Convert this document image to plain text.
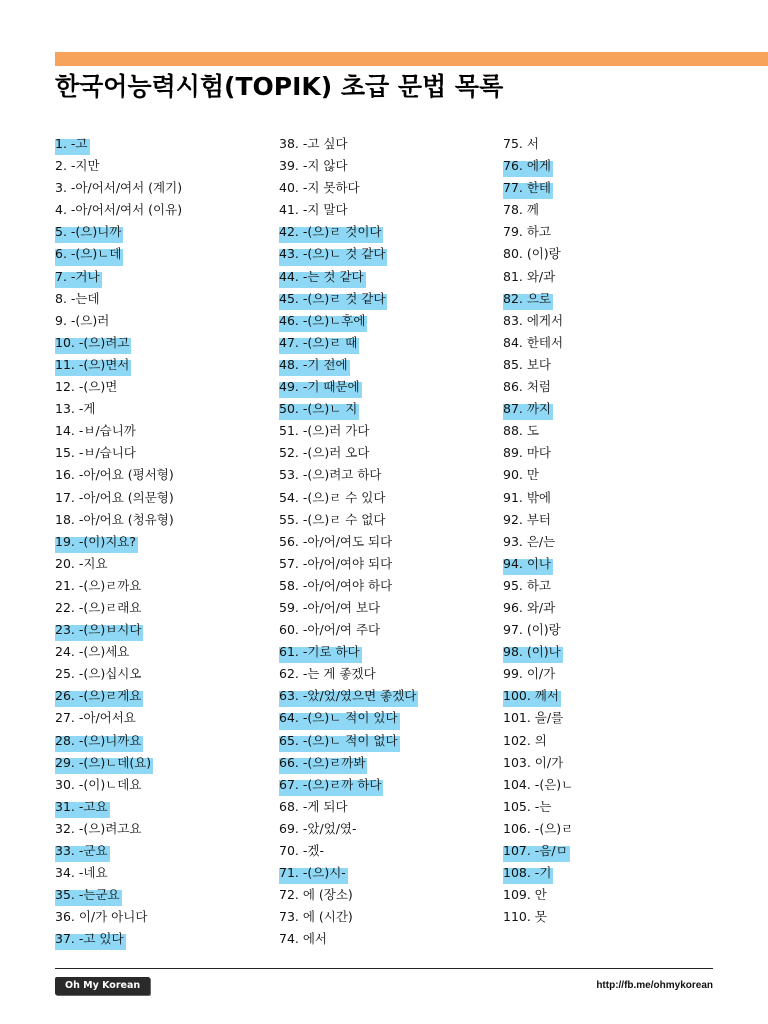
한국어능력시험(TOPIK) 초급 문법 목록
1. -고
2. -지만
3. -아/어서/여서 (계기)
4. -아/어서/여서 (이유)
5. -(으)니까
6. -(으)ㄴ데
7. -거나
8. -는데
9. -(으)러
10. -(으)려고
11. -(으)면서
12. -(으)면
13. -게
14. -ㅂ/습니까
15. -ㅂ/습니다
16. -아/어요 (평서형)
17. -아/어요 (의문형)
18. -아/어요 (청유형)
19. -(이)지요?
20. -지요
21. -(으)ㄹ까요
22. -(으)ㄹ래요
23. -(으)ㅂ시다
24. -(으)세요
25. -(으)십시오
26. -(으)ㄹ게요
27. -아/어서요
28. -(으)니까요
29. -(으)ㄴ데(요)
30. -(이)ㄴ데요
31. -고요
32. -(으)려고요
33. -군요
34. -네요
35. -는군요
36. 이/가 아니다
37. -고 있다
38. -고 싶다
39. -지 않다
40. -지 못하다
41. -지 말다
42. -(으)ㄹ 것이다
43. -(으)ㄴ 것 같다
44. -는 것 같다
45. -(으)ㄹ 것 같다
46. -(으)ㄴ후에
47. -(으)ㄹ 때
48. -기 전에
49. -기 때문에
50. -(으)ㄴ 지
51. -(으)러 가다
52. -(으)러 오다
53. -(으)려고 하다
54. -(으)ㄹ 수 있다
55. -(으)ㄹ 수 없다
56. -아/어/여도 되다
57. -아/어/여야 되다
58. -아/어/여야 하다
59. -아/어/여 보다
60. -아/어/여 주다
61. -기로 하다
62. -는 게 좋겠다
63. -았/었/였으면 좋겠다
64. -(으)ㄴ 적이 있다
65. -(으)ㄴ 적이 없다
66. -(으)ㄹ까봐
67. -(으)ㄹ까 하다
68. -게 되다
69. -았/었/였-
70. -겠-
71. -(으)시-
72. 에 (장소)
73. 에 (시간)
74. 에서
75. 서
76. 에게
77. 한테
78. 께
79. 하고
80. (이)랑
81. 와/과
82. 으로
83. 에게서
84. 한테서
85. 보다
86. 처럼
87. 까지
88. 도
89. 마다
90. 만
91. 밖에
92. 부터
93. 은/는
94. 이나
95. 하고
96. 와/과
97. (이)랑
98. (이)나
99. 이/가
100. 께서
101. 을/를
102. 의
103. 이/가
104. -(은)ㄴ
105. -는
106. -(으)ㄹ
107. -음/ㅁ
108. -기
109. 안
110. 못
Oh My Korean	http://fb.me/ohmykorean
